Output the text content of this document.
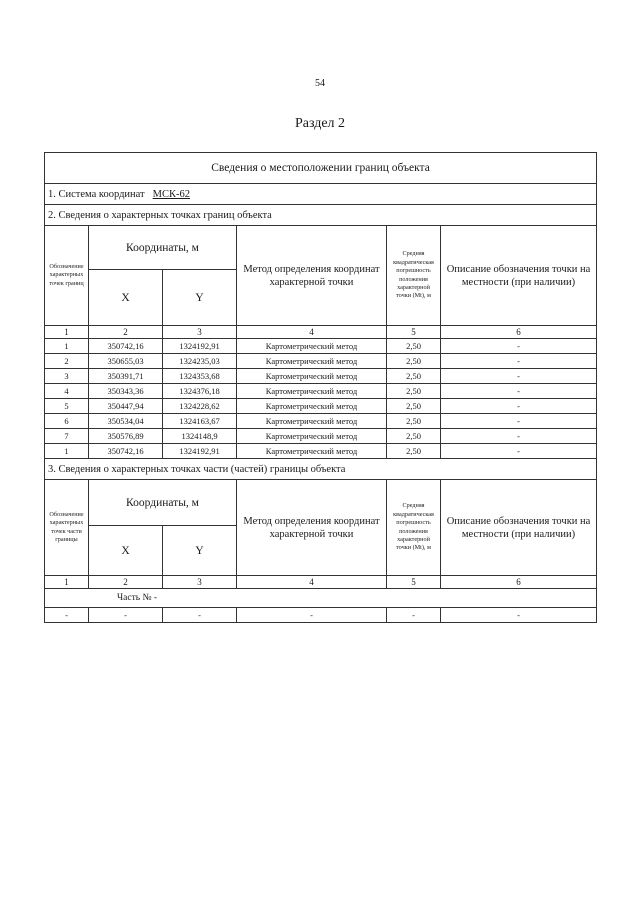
54
Раздел 2
Сведения о местоположении границ объекта					
1. Система координат МСК-62					
2. Сведения о характерных точках границ объекта					
Обозначение характерных точек границ	Координаты, м		Метод определения координат характерной точки	Средняя квадратическая погрешность положения характерной точки (Mt), м	Описание обозначения точки на местности (при наличии)
	X	Y			
1	2	3	4	5	6
1	350742,16	1324192,91	Картометрический метод	2,50	-
2	350655,03	1324235,03	Картометрический метод	2,50	-
3	350391,71	1324353,68	Картометрический метод	2,50	-
4	350343,36	1324376,18	Картометрический метод	2,50	-
5	350447,94	1324228,62	Картометрический метод	2,50	-
6	350534,04	1324163,67	Картометрический метод	2,50	-
7	350576,89	1324148,9	Картометрический метод	2,50	-
1	350742,16	1324192,91	Картометрический метод	2,50	-
3. Сведения о характерных точках части (частей) границы объекта					
Обозначение характерных точек части границы	Координаты, м		Метод определения координат характерной точки	Средняя квадратическая погрешность положения характерной точки (Mt), м	Описание обозначения точки на местности (при наличии)
	X	Y			
1	2	3	4	5	6
Часть № -					
-	-	-	-	-	-
